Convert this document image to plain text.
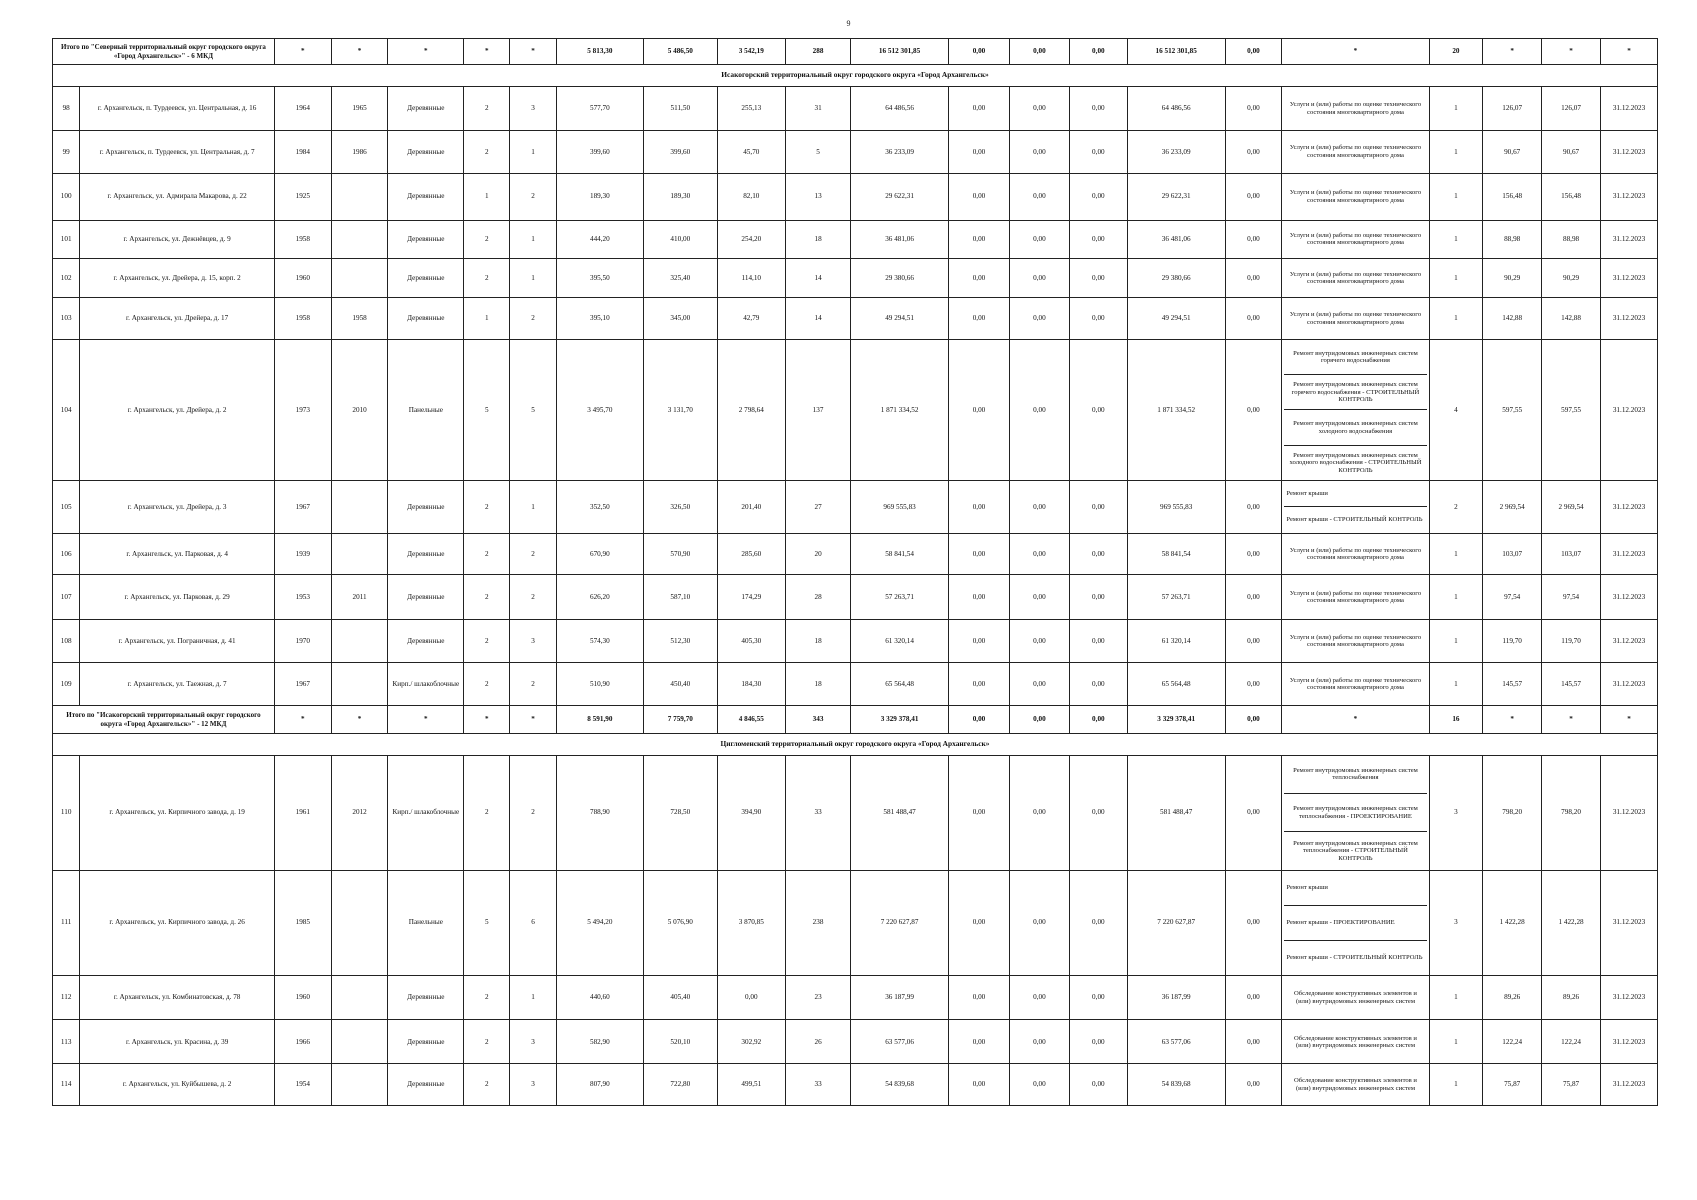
9
Итого по "Северный территориальный округ городского округа «Город Архангельск»" - 6 МКД		*	*	*	*	*	5 813,30	5 486,50	3 542,19	288	16 512 301,85	0,00	0,00	0,00	16 512 301,85	0,00	*	20	*	*	*
Исакогорский территориальный округ городского округа «Город Архангельск»																					
98	г. Архангельск, п. Турдеевск, ул. Центральная, д. 16	1964	1965	Деревянные	2	3	577,70	511,50	255,13	31	64 486,56	0,00	0,00	0,00	64 486,56	0,00	Услуги и (или) работы по оценке технического состояния многоквартирного дома	1	126,07	126,07	31.12.2023
99	г. Архангельск, п. Турдеевск, ул. Центральная, д. 7	1984	1986	Деревянные	2	1	399,60	399,60	45,70	5	36 233,09	0,00	0,00	0,00	36 233,09	0,00	Услуги и (или) работы по оценке технического состояния многоквартирного дома	1	90,67	90,67	31.12.2023
100	г. Архангельск, ул. Адмирала Макарова, д. 22	1925		Деревянные	1	2	189,30	189,30	82,10	13	29 622,31	0,00	0,00	0,00	29 622,31	0,00	Услуги и (или) работы по оценке технического состояния многоквартирного дома	1	156,48	156,48	31.12.2023
101	г. Архангельск, ул. Дежнёвцев, д. 9	1958		Деревянные	2	1	444,20	410,00	254,20	18	36 481,06	0,00	0,00	0,00	36 481,06	0,00	Услуги и (или) работы по оценке технического состояния многоквартирного дома	1	88,98	88,98	31.12.2023
102	г. Архангельск, ул. Дрейера, д. 15, корп. 2	1960		Деревянные	2	1	395,50	325,40	114,10	14	29 380,66	0,00	0,00	0,00	29 380,66	0,00	Услуги и (или) работы по оценке технического состояния многоквартирного дома	1	90,29	90,29	31.12.2023
103	г. Архангельск, ул. Дрейера, д. 17	1958	1958	Деревянные	1	2	395,10	345,00	42,79	14	49 294,51	0,00	0,00	0,00	49 294,51	0,00	Услуги и (или) работы по оценке технического состояния многоквартирного дома	1	142,88	142,88	31.12.2023
104	г. Архангельск, ул. Дрейера, д. 2	1973	2010	Панельные	5	5	3 495,70	3 131,70	2 798,64	137	1 871 334,52	0,00	0,00	0,00	1 871 334,52	0,00	Ремонт внутридомовых инженерных систем горячего водоснабжения
Ремонт внутридомовых инженерных систем горячего водоснабжения - СТРОИТЕЛЬНЫЙ КОНТРОЛЬ
Ремонт внутридомовых инженерных систем холодного водоснабжения
Ремонт внутридомовых инженерных систем холодного водоснабжения - СТРОИТЕЛЬНЫЙ КОНТРОЛЬ	4	597,55	597,55	31.12.2023
105	г. Архангельск, ул. Дрейера, д. 3	1967		Деревянные	2	1	352,50	326,50	201,40	27	969 555,83	0,00	0,00	0,00	969 555,83	0,00	Ремонт крыши
Ремонт крыши - СТРОИТЕЛЬНЫЙ КОНТРОЛЬ	2	2 969,54	2 969,54	31.12.2023
106	г. Архангельск, ул. Парковая, д. 4	1939		Деревянные	2	2	670,90	570,90	285,60	20	58 841,54	0,00	0,00	0,00	58 841,54	0,00	Услуги и (или) работы по оценке технического состояния многоквартирного дома	1	103,07	103,07	31.12.2023
107	г. Архангельск, ул. Парковая, д. 29	1953	2011	Деревянные	2	2	626,20	587,10	174,29	28	57 263,71	0,00	0,00	0,00	57 263,71	0,00	Услуги и (или) работы по оценке технического состояния многоквартирного дома	1	97,54	97,54	31.12.2023
108	г. Архангельск, ул. Пограничная, д. 41	1970		Деревянные	2	3	574,30	512,30	405,30	18	61 320,14	0,00	0,00	0,00	61 320,14	0,00	Услуги и (или) работы по оценке технического состояния многоквартирного дома	1	119,70	119,70	31.12.2023
109	г. Архангельск, ул. Таежная, д. 7	1967		Кирп./ шлакоблочные	2	2	510,90	450,40	184,30	18	65 564,48	0,00	0,00	0,00	65 564,48	0,00	Услуги и (или) работы по оценке технического состояния многоквартирного дома	1	145,57	145,57	31.12.2023
Итого по "Исакогорский территориальный округ городского округа «Город Архангельск»" - 12 МКД		*	*	*	*	*	8 591,90	7 759,70	4 846,55	343	3 329 378,41	0,00	0,00	0,00	3 329 378,41	0,00	*	16	*	*	*
Цигломенский территориальный округ городского округа «Город Архангельск»																					
110	г. Архангельск, ул. Кирпичного завода, д. 19	1961	2012	Кирп./ шлакоблочные	2	2	788,90	728,50	394,90	33	581 488,47	0,00	0,00	0,00	581 488,47	0,00	Ремонт внутридомовых инженерных систем теплоснабжения
Ремонт внутридомовых инженерных систем теплоснабжения - ПРОЕКТИРОВАНИЕ
Ремонт внутридомовых инженерных систем теплоснабжения - СТРОИТЕЛЬНЫЙ КОНТРОЛЬ	3	798,20	798,20	31.12.2023
111	г. Архангельск, ул. Кирпичного завода, д. 26	1985		Панельные	5	6	5 494,20	5 076,90	3 870,85	238	7 220 627,87	0,00	0,00	0,00	7 220 627,87	0,00	Ремонт крыши
Ремонт крыши - ПРОЕКТИРОВАНИЕ
Ремонт крыши - СТРОИТЕЛЬНЫЙ КОНТРОЛЬ	3	1 422,28	1 422,28	31.12.2023
112	г. Архангельск, ул. Комбинатовская, д. 78	1960		Деревянные	2	1	440,60	405,40	0,00	23	36 187,99	0,00	0,00	0,00	36 187,99	0,00	Обследование конструктивных элементов и (или) внутридомовых инженерных систем	1	89,26	89,26	31.12.2023
113	г. Архангельск, ул. Красина, д. 39	1966		Деревянные	2	3	582,90	520,10	302,92	26	63 577,06	0,00	0,00	0,00	63 577,06	0,00	Обследование конструктивных элементов и (или) внутридомовых инженерных систем	1	122,24	122,24	31.12.2023
114	г. Архангельск, ул. Куйбышева, д. 2	1954		Деревянные	2	3	807,90	722,80	499,51	33	54 839,68	0,00	0,00	0,00	54 839,68	0,00	Обследование конструктивных элементов и (или) внутридомовых инженерных систем	1	75,87	75,87	31.12.2023
